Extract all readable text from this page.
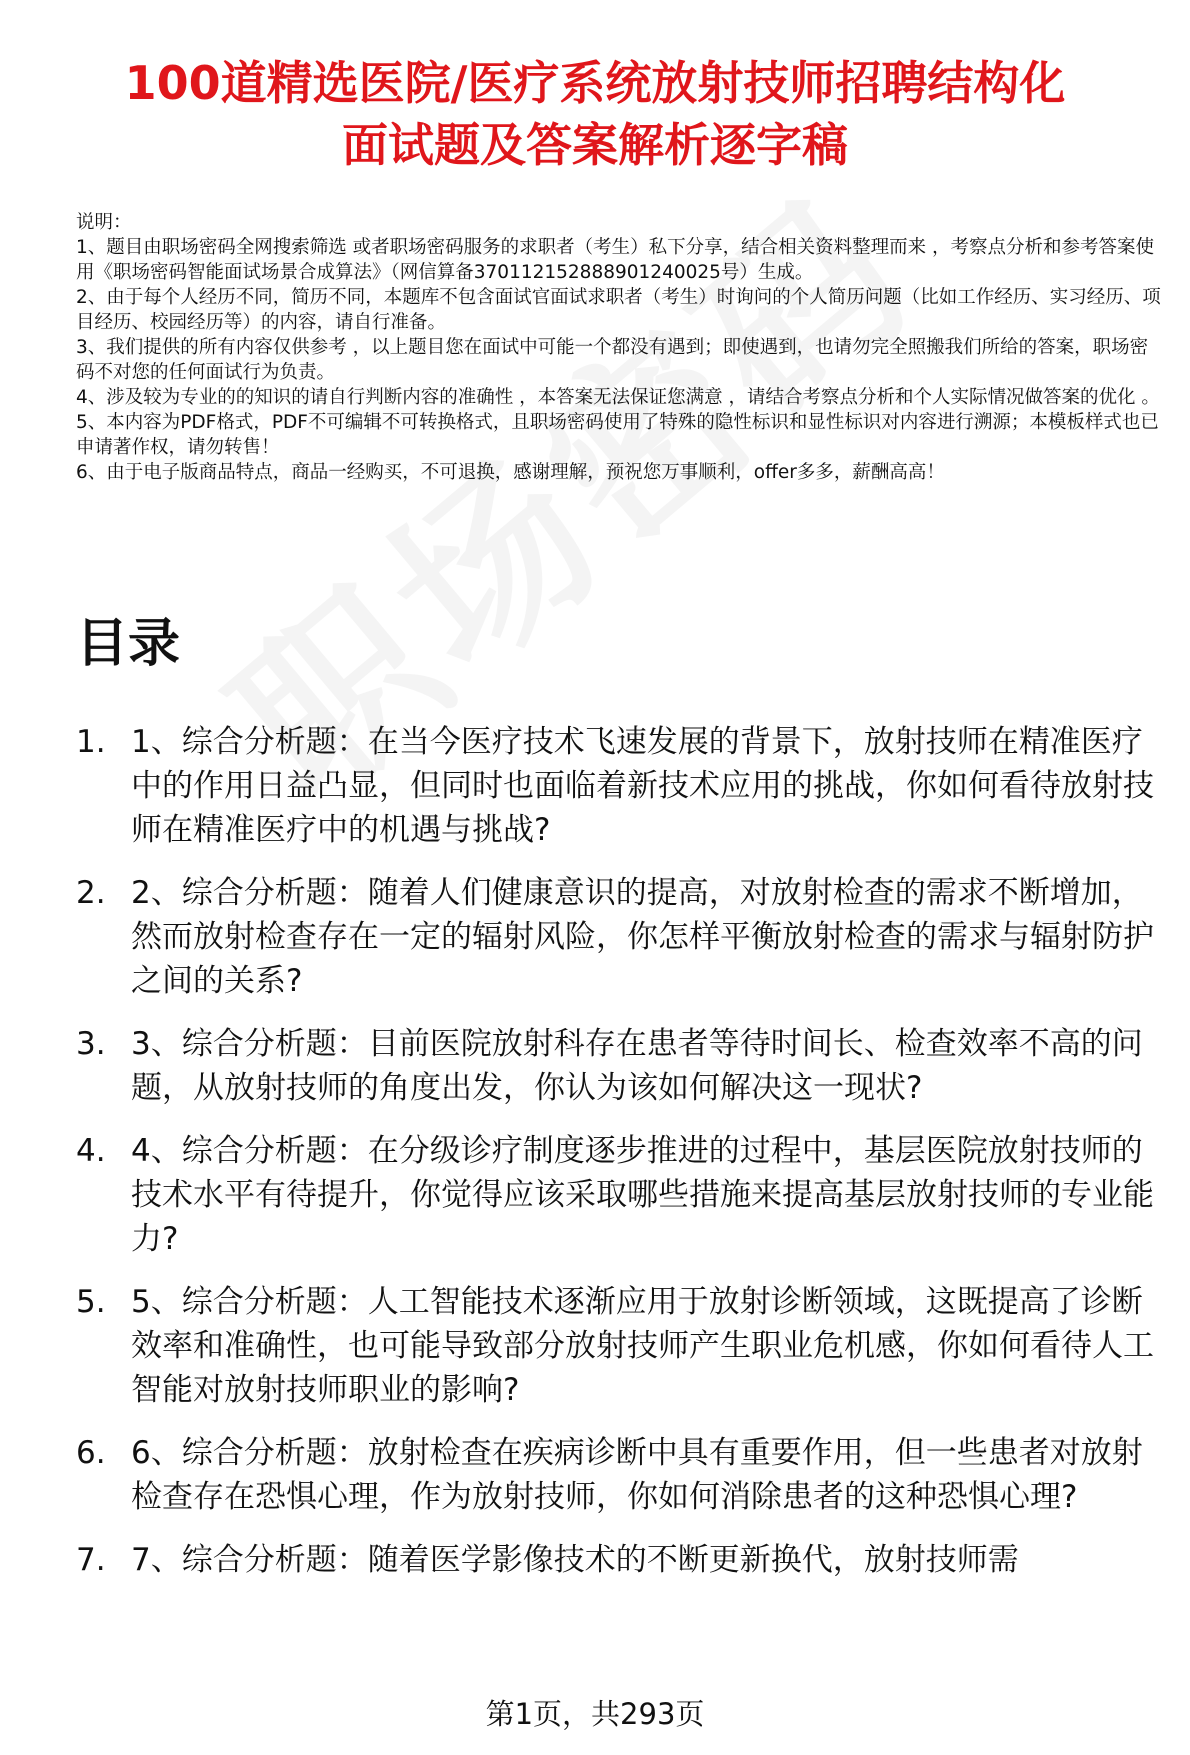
100道精选医院/医疗系统放射技师招聘结构化
面试题及答案解析逐字稿

说明：

1、题目由职场密码全网搜索筛选 或者职场密码服务的求职者（考生）私下分享，结合相关资料整理而来 ，考察点分析和参考答案使用《职场密码智能面试场景合成算法》（网信算备370112152888901240025号）生成。

2、由于每个人经历不同，简历不同，本题库不包含面试官面试求职者（考生）时询问的个人简历问题（比如工作经历、实习经历、项目经历、校园经历等）的内容，请自行准备。

3、我们提供的所有内容仅供参考 ，以上题目您在面试中可能一个都没有遇到；即使遇到，也请勿完全照搬我们所给的答案，职场密码不对您的任何面试行为负责。

4、涉及较为专业的的知识的请自行判断内容的准确性 ，本答案无法保证您满意 ，请结合考察点分析和个人实际情况做答案的优化 。

5、本内容为PDF格式，PDF不可编辑不可转换格式，且职场密码使用了特殊的隐性标识和显性标识对内容进行溯源；本模板样式也已申请著作权，请勿转售！

6、由于电子版商品特点，商品一经购买，不可退换，感谢理解，预祝您万事顺利，offer多多，薪酬高高！

目录
1. 1、综合分析题：在当今医疗技术飞速发展的背景下，放射技师在精准医疗中的作用日益凸显，但同时也面临着新技术应用的挑战，你如何看待放射技师在精准医疗中的机遇与挑战?
2. 2、综合分析题：随着人们健康意识的提高，对放射检查的需求不断增加，然而放射检查存在一定的辐射风险，你怎样平衡放射检查的需求与辐射防护之间的关系?
3. 3、综合分析题：目前医院放射科存在患者等待时间长、检查效率不高的问题，从放射技师的角度出发，你认为该如何解决这一现状?
4. 4、综合分析题：在分级诊疗制度逐步推进的过程中，基层医院放射技师的技术水平有待提升，你觉得应该采取哪些措施来提高基层放射技师的专业能力?
5. 5、综合分析题：人工智能技术逐渐应用于放射诊断领域，这既提高了诊断效率和准确性，也可能导致部分放射技师产生职业危机感，你如何看待人工智能对放射技师职业的影响?
6. 6、综合分析题：放射检查在疾病诊断中具有重要作用，但一些患者对放射检查存在恐惧心理，作为放射技师，你如何消除患者的这种恐惧心理?
7. 7、综合分析题：随着医学影像技术的不断更新换代，放射技师需
第1页，共293页
